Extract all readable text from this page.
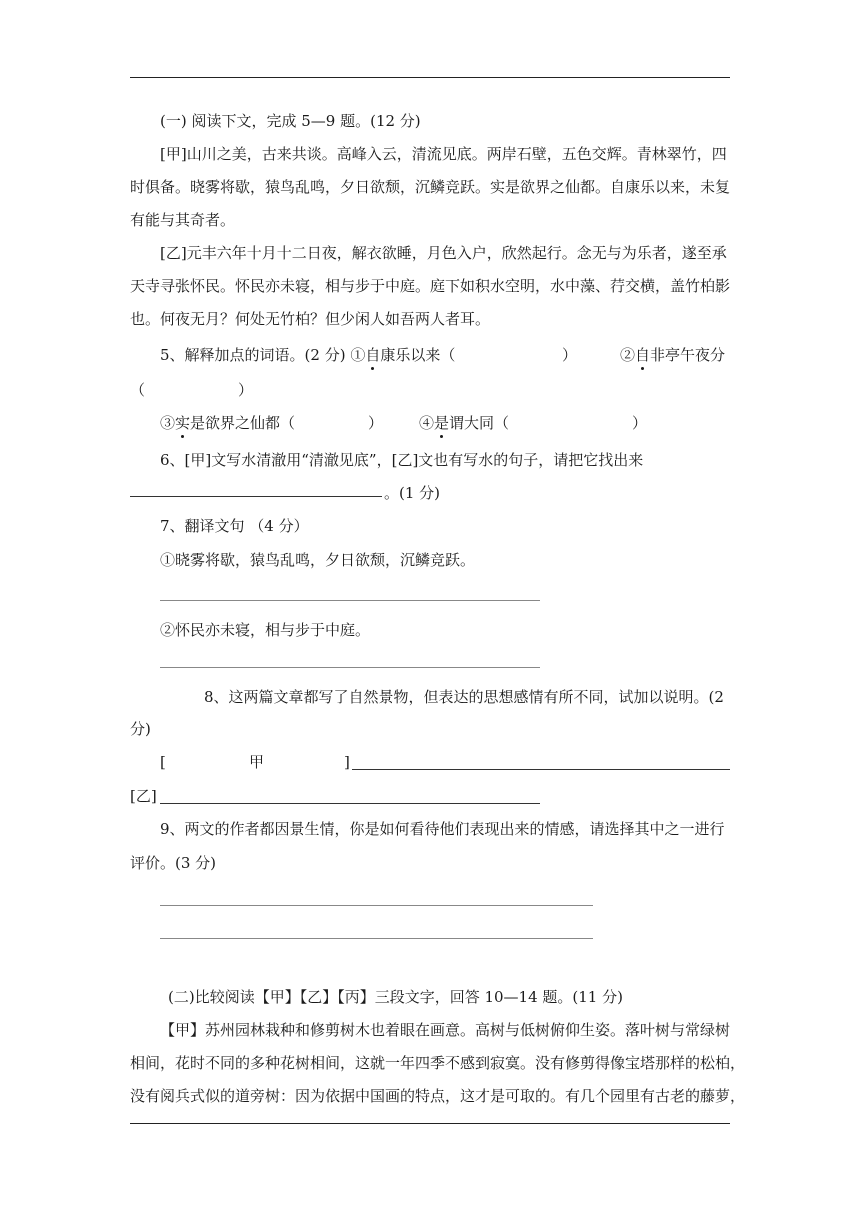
(一) 阅读下文，完成 5—9 题。(12 分)
[甲]山川之美，古来共谈。高峰入云，清流见底。两岸石壁，五色交辉。青林翠竹，四
时俱备。晓雾将歇，猿鸟乱鸣，夕日欲颓，沉鳞竞跃。实是欲界之仙都。自康乐以来，未复
有能与其奇者。
[乙]元丰六年十月十二日夜，解衣欲睡，月色入户，欣然起行。念无与为乐者，遂至承
天寺寻张怀民。怀民亦未寝，相与步于中庭。庭下如积水空明，水中藻、荇交横，盖竹柏影
也。何夜无月？何处无竹柏？但少闲人如吾两人者耳。
5、解释加点的词语。(2 分) ①自康乐以来（	）	②自非亭午夜分
（	）
③实是欲界之仙都（	） ④是谓大同（	）
6、[甲]文写水清澈用“清澈见底”，[乙]文也有写水的句子，请把它找出来
。(1 分)
7、翻译文句 （4 分）
①晓雾将歇，猿鸟乱鸣，夕日欲颓，沉鳞竞跃。
②怀民亦未寝，相与步于中庭。
8、这两篇文章都写了自然景物，但表达的思想感情有所不同，试加以说明。(2
分)
[	甲	]
[乙]
9、两文的作者都因景生情，你是如何看待他们表现出来的情感，请选择其中之一进行
评价。(3 分)
(二)比较阅读【甲】【乙】【丙】三段文字，回答 10—14 题。(11 分)
【甲】苏州园林栽种和修剪树木也着眼在画意。高树与低树俯仰生姿。落叶树与常绿树
相间，花时不同的多种花树相间，这就一年四季不感到寂寞。没有修剪得像宝塔那样的松柏，
没有阅兵式似的道旁树：因为依据中国画的特点，这才是可取的。有几个园里有古老的藤萝，
